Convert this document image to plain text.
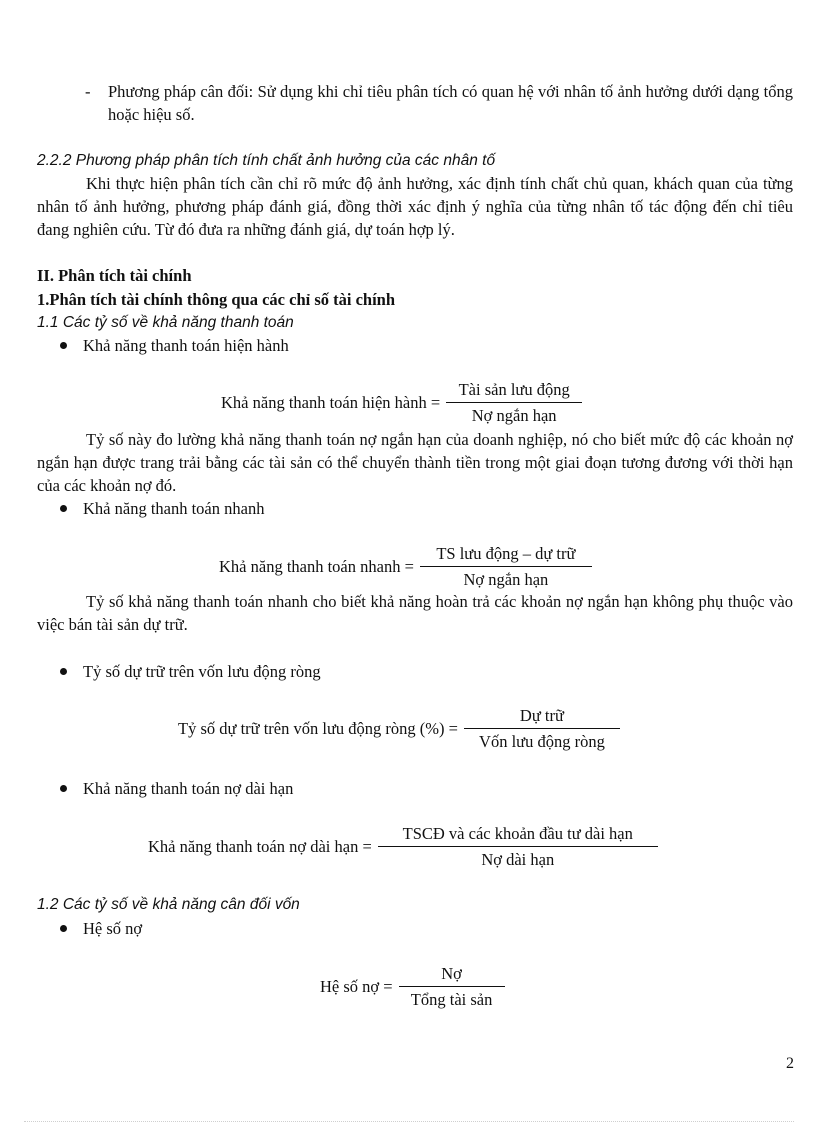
-	Phương pháp cân đối: Sử dụng khi chỉ tiêu phân tích có quan hệ với nhân tố ảnh hưởng dưới dạng tổng hoặc hiệu số.
2.2.2 Phương pháp phân tích tính chất ảnh hưởng của các nhân tố
Khi thực hiện phân tích cần chỉ rõ mức độ ảnh hưởng, xác định tính chất chủ quan, khách quan của từng nhân tố ảnh hưởng, phương pháp đánh giá, đồng thời xác định ý nghĩa của từng nhân tố tác động đến chỉ tiêu đang nghiên cứu. Từ đó đưa ra những đánh giá, dự toán hợp lý.
II. Phân tích tài chính
1.Phân tích tài chính thông qua các chỉ số tài chính
1.1 Các tỷ số về khả năng thanh toán
Khả năng thanh toán hiện hành
Khả năng thanh toán hiện hành = $\frac{\text{Tài sản lưu động}}{\text{Nợ ngắn hạn}}$
Tỷ số này đo lường khả năng thanh toán nợ ngắn hạn của doanh nghiệp, nó cho biết mức độ các khoản nợ ngắn hạn được trang trải bằng các tài sản có thể chuyển thành tiền trong một giai đoạn tương đương với thời hạn của các khoản nợ đó.
Khả năng thanh toán nhanh
Khả năng thanh toán nhanh = $\frac{\text{TS lưu động – dự trữ}}{\text{Nợ ngắn hạn}}$
Tỷ số khả năng thanh toán nhanh cho biết khả năng hoàn trả các khoản nợ ngắn hạn không phụ thuộc vào việc bán tài sản dự trữ.
Tỷ số dự trữ trên vốn lưu động ròng
Tỷ số dự trữ trên vốn lưu động ròng (%) = $\frac{\text{Dự trữ}}{\text{Vốn lưu động ròng}}$
Khả năng thanh toán nợ dài hạn
Khả năng thanh toán nợ dài hạn = $\frac{\text{TSCĐ và các khoản đầu tư dài hạn}}{\text{Nợ dài hạn}}$
1.2 Các tỷ số về khả năng cân đối vốn
Hệ số nợ
Hệ số nợ = $\frac{\text{Nợ}}{\text{Tổng tài sản}}$
2
